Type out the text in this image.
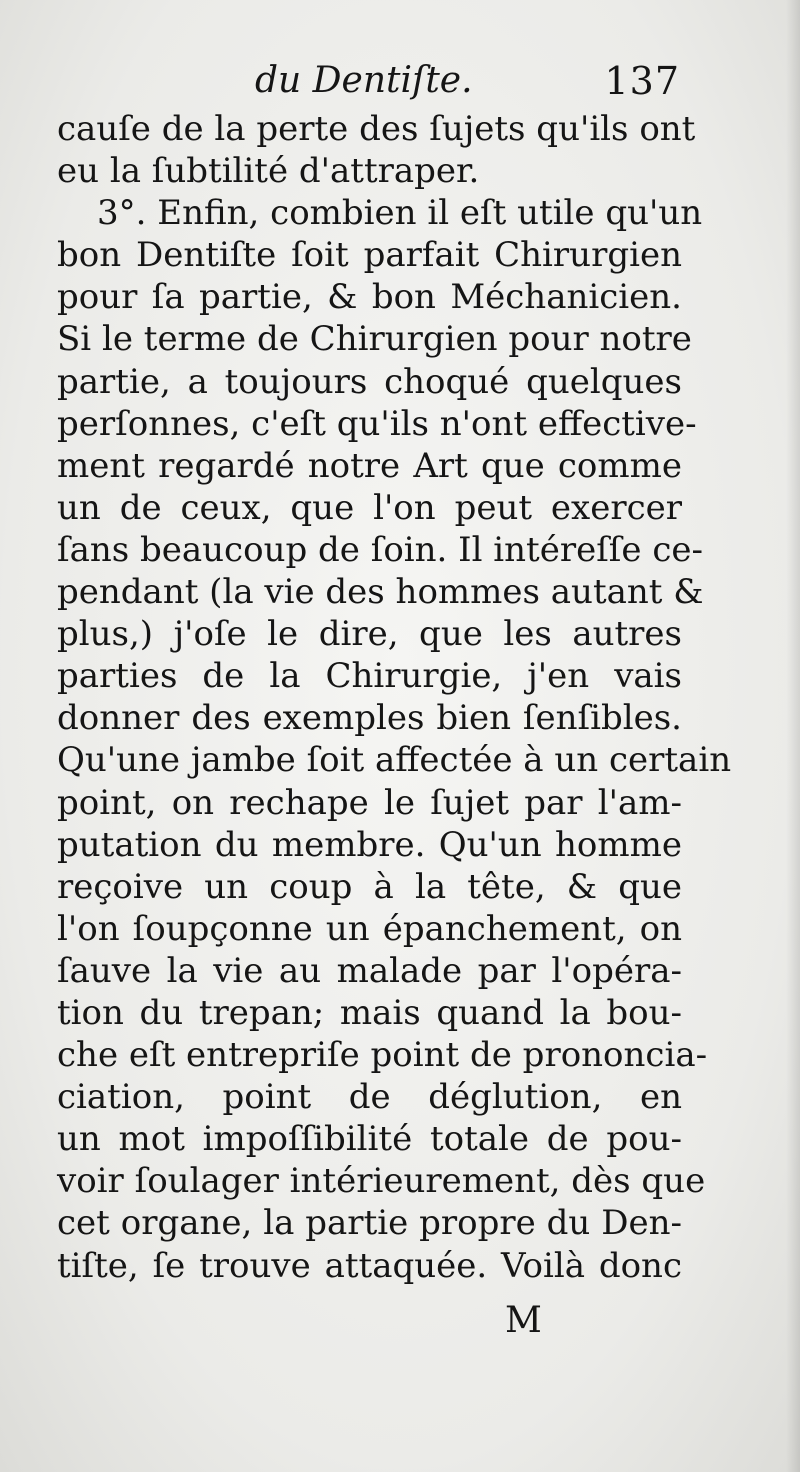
du Dentiſte.	137
cauſe de la perte des ſujets qu'ils ont
eu la ſubtilité d'attraper.
3°. Enfin, combien il eſt utile qu'un
bon Dentiſte ſoit parfait Chirurgien
pour ſa partie, & bon Méchanicien.
Si le terme de Chirurgien pour notre
partie, a toujours choqué quelques
perſonnes, c'eſt qu'ils n'ont effective-
ment regardé notre Art que comme
un de ceux, que l'on peut exercer
ſans beaucoup de ſoin. Il intéreſſe ce-
pendant (la vie des hommes autant &
plus,) j'oſe le dire, que les autres
parties de la Chirurgie, j'en vais
donner des exemples bien ſenſibles.
Qu'une jambe ſoit affectée à un certain
point, on rechape le ſujet par l'am-
putation du membre. Qu'un homme
reçoive un coup à la tête, & que
l'on ſoupçonne un épanchement, on
ſauve la vie au malade par l'opéra-
tion du trepan; mais quand la bou-
che eſt entrepriſe point de prononcia-
ciation, point de déglution, en
un mot impoſſibilité totale de pou-
voir ſoulager intérieurement, dès que
cet organe, la partie propre du Den-
tiſte, ſe trouve attaquée. Voilà donc
M
